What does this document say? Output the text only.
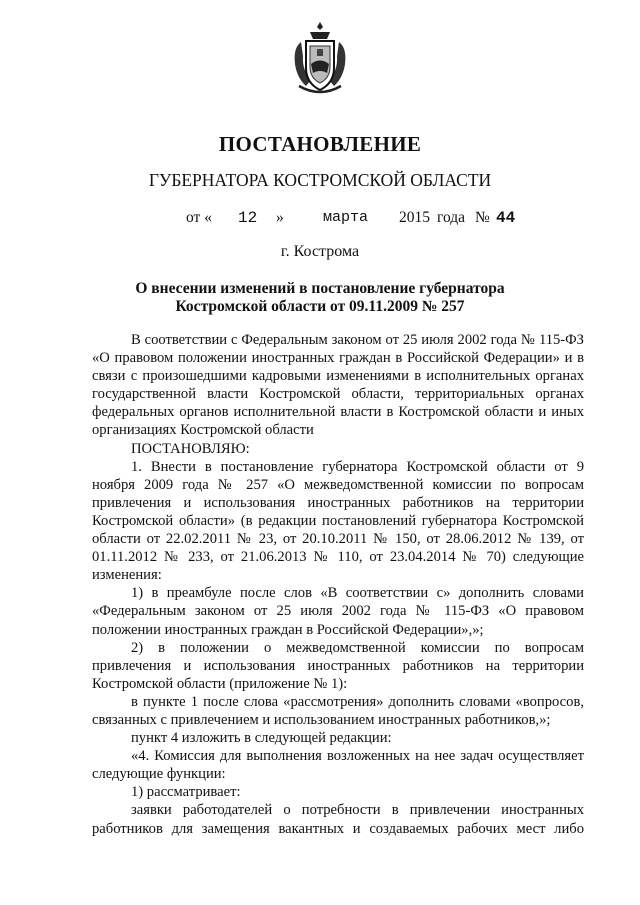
ПОСТАНОВЛЕНИЕ
ГУБЕРНАТОРА КОСТРОМСКОЙ ОБЛАСТИ
от « 12 »	марта 2015 года № 44
г. Кострома
О внесении изменений в постановление губернатора
Костромской области от 09.11.2009 № 257

В соответствии с Федеральным законом от 25 июля 2002 года № 115-ФЗ «О правовом положении иностранных граждан в Российской Федерации» и в связи с произошедшими кадровыми изменениями в исполнительных органах государственной власти Костромской области, территориальных органах федеральных органов исполнительной власти в Костромской области и иных организациях Костромской области

ПОСТАНОВЛЯЮ:

1. Внести в постановление губернатора Костромской области от 9 ноября 2009 года № 257 «О межведомственной комиссии по вопросам привлечения и использования иностранных работников на территории Костромской области» (в редакции постановлений губернатора Костромской области от 22.02.2011 № 23, от 20.10.2011 № 150, от 28.06.2012 № 139, от 01.11.2012 № 233, от 21.06.2013 № 110, от 23.04.2014 № 70) следующие изменения:

1) в преамбуле после слов «В соответствии с» дополнить словами «Федеральным законом от 25 июля 2002 года № 115-ФЗ «О правовом положении иностранных граждан в Российской Федерации»,»;

2) в положении о межведомственной комиссии по вопросам привлечения и использования иностранных работников на территории Костромской области (приложение № 1):

в пункте 1 после слова «рассмотрения» дополнить словами «вопросов, связанных с привлечением и использованием иностранных работников,»;

пункт 4 изложить в следующей редакции:

«4. Комиссия для выполнения возложенных на нее задач осуществляет следующие функции:

1) рассматривает:

заявки работодателей о потребности в привлечении иностранных работников для замещения вакантных и создаваемых рабочих мест либо
